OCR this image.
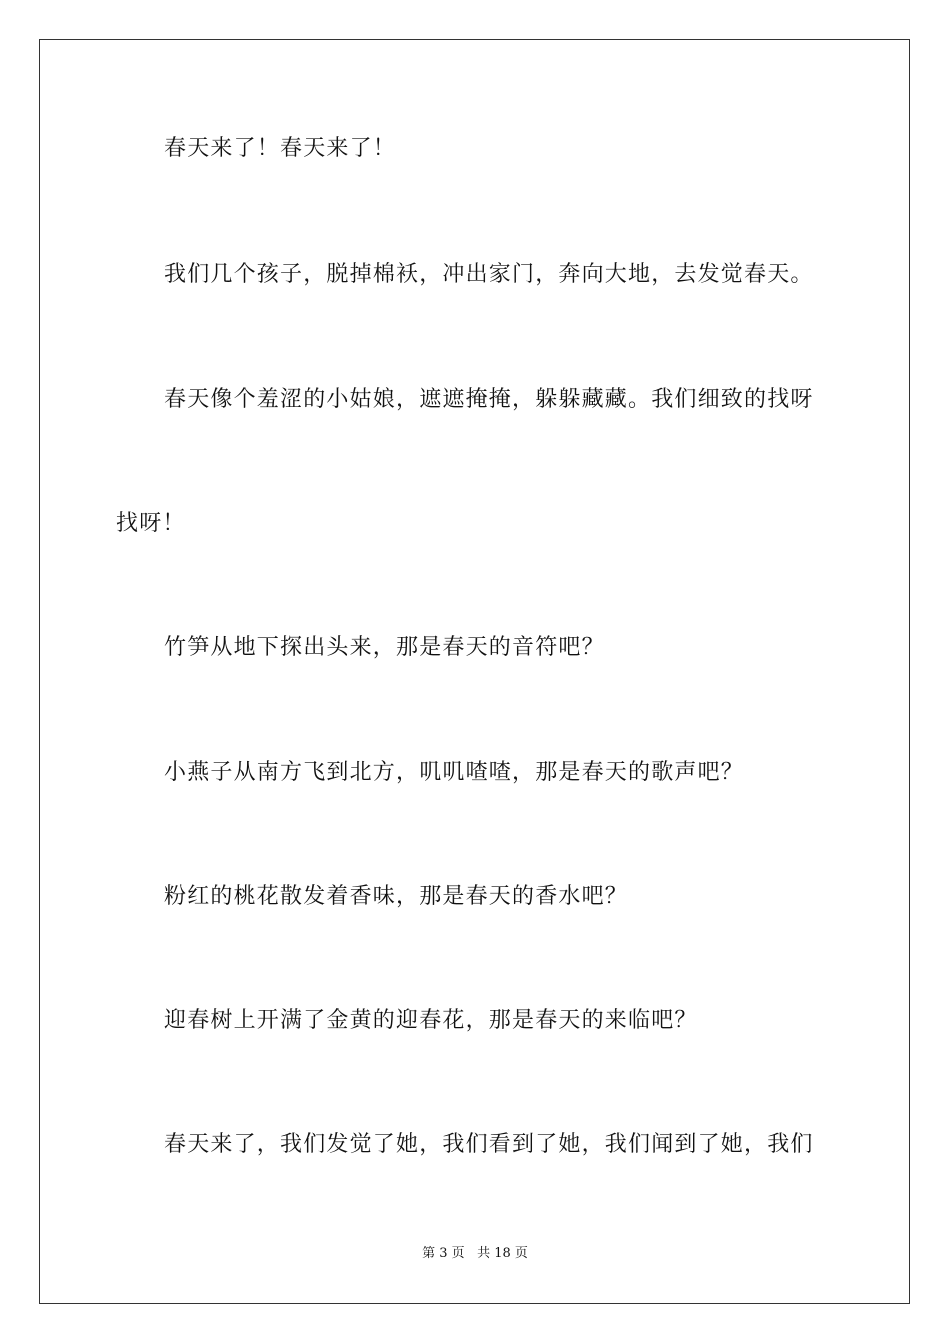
春天来了！春天来了！

我们几个孩子，脱掉棉袄，冲出家门，奔向大地，去发觉春天。

春天像个羞涩的小姑娘，遮遮掩掩，躲躲藏藏。我们细致的找呀

找呀！

竹笋从地下探出头来，那是春天的音符吧？

小燕子从南方飞到北方，叽叽喳喳，那是春天的歌声吧？

粉红的桃花散发着香味，那是春天的香水吧？

迎春树上开满了金黄的迎春花，那是春天的来临吧？

春天来了，我们发觉了她，我们看到了她，我们闻到了她，我们

第 3 页 共 18 页
